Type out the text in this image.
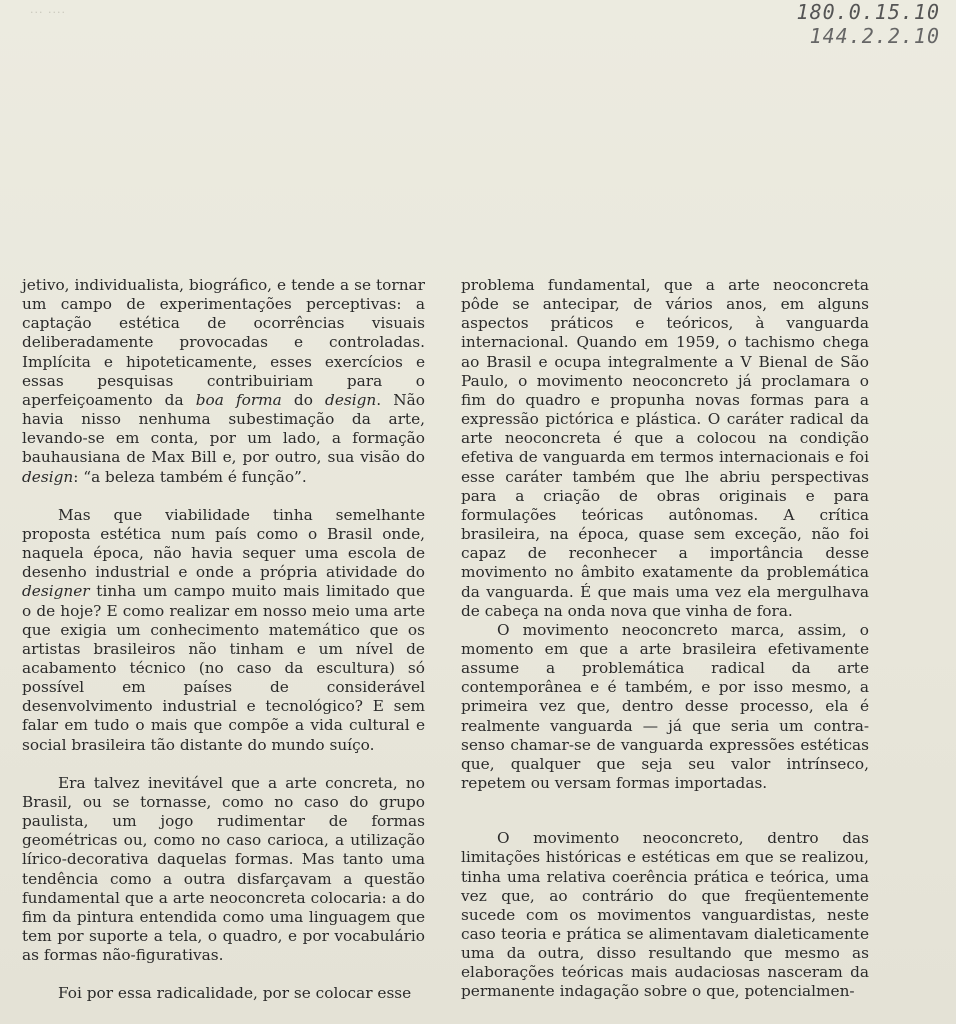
··· ····	180.0.15.10
144.2.2.10

jetivo, individualista, biográfico, e tende a se tornar um campo de experimentações perceptivas: a captação estética de ocorrências visuais deliberadamente provocadas e controladas. Implícita e hipoteticamente, esses exercícios e essas pesquisas contribuiriam para o aperfeiçoamento da boa forma do design. Não havia nisso nenhuma subestimação da arte, levando-se em conta, por um lado, a formação bauhausiana de Max Bill e, por outro, sua visão do design: “a beleza também é função”.

Mas que viabilidade tinha semelhante proposta estética num país como o Brasil onde, naquela época, não havia sequer uma escola de desenho industrial e onde a própria atividade do designer tinha um campo muito mais limitado que o de hoje? E como realizar em nosso meio uma arte que exigia um conhecimento matemático que os artistas brasileiros não tinham e um nível de acabamento técnico (no caso da escultura) só possível em países de considerável desenvolvimento industrial e tecnológico? E sem falar em tudo o mais que compõe a vida cultural e social brasileira tão distante do mundo suíço.

Era talvez inevitável que a arte concreta, no Brasil, ou se tornasse, como no caso do grupo paulista, um jogo rudimentar de formas geométricas ou, como no caso carioca, a utilização lírico-decorativa daquelas formas. Mas tanto uma tendência como a outra disfarçavam a questão fundamental que a arte neoconcreta colocaria: a do fim da pintura entendida como uma linguagem que tem por suporte a tela, o quadro, e por vocabulário as formas não-figurativas.

Foi por essa radicalidade, por se colocar esse

problema fundamental, que a arte neoconcreta pôde se antecipar, de vários anos, em alguns aspectos práticos e teóricos, à vanguarda internacional. Quando em 1959, o tachismo chega ao Brasil e ocupa integralmente a V Bienal de São Paulo, o movimento neoconcreto já proclamara o fim do quadro e propunha novas formas para a expressão pictórica e plástica. O caráter radical da arte neoconcreta é que a colocou na condição efetiva de vanguarda em termos internacionais e foi esse caráter também que lhe abriu perspectivas para a criação de obras originais e para formulações teóricas autônomas. A crítica brasileira, na época, quase sem exceção, não foi capaz de reconhecer a importância desse movimento no âmbito exatamente da problemática da vanguarda. É que mais uma vez ela mergulhava de cabeça na onda nova que vinha de fora.

O movimento neoconcreto marca, assim, o momento em que a arte brasileira efetivamente assume a problemática radical da arte contemporânea e é também, e por isso mesmo, a primeira vez que, dentro desse processo, ela é realmente vanguarda — já que seria um contra-senso chamar-se de vanguarda expressões estéticas que, qualquer que seja seu valor intrínseco, repetem ou versam formas importadas.

O movimento neoconcreto, dentro das limitações históricas e estéticas em que se realizou, tinha uma relativa coerência prática e teórica, uma vez que, ao contrário do que freqüentemente sucede com os movimentos vanguardistas, neste caso teoria e prática se alimentavam dialeticamente uma da outra, disso resultando que mesmo as elaborações teóricas mais audaciosas nasceram da permanente indagação sobre o que, potencialmen-
